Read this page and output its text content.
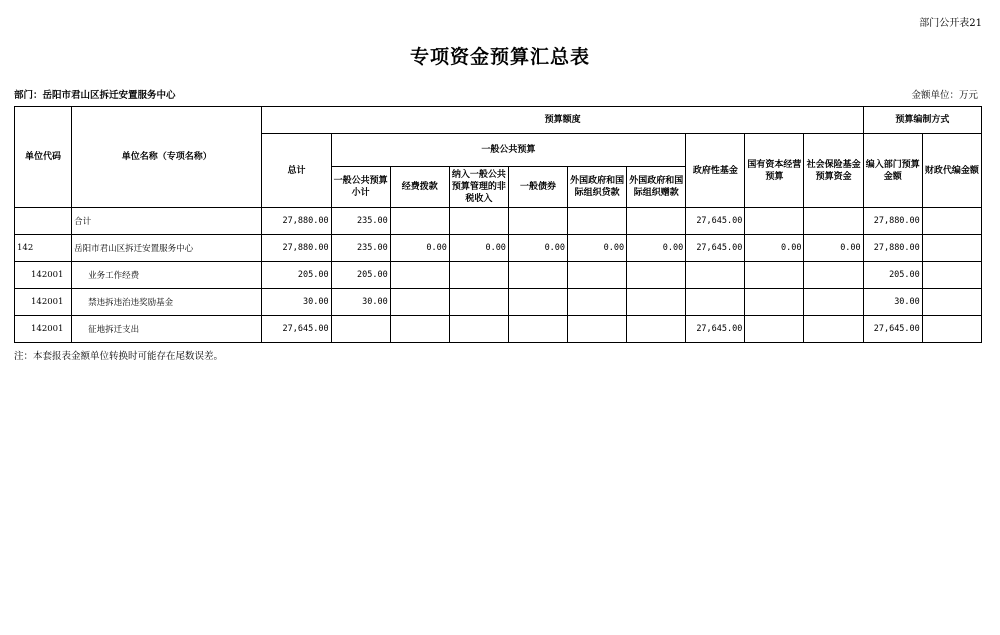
部门公开表21
专项资金预算汇总表
部门：岳阳市君山区拆迁安置服务中心	金额单位：万元
单位代码	单位名称（专项名称）	预算额度										预算编制方式	
		总计	一般公共预算						政府性基金	国有资本经营预算	社会保险基金预算资金	编入部门预算金额	财政代编金额
			一般公共预算小计	经费拨款	纳入一般公共预算管理的非税收入	一般债券	外国政府和国际组织贷款	外国政府和国际组织赠款					
	合计	27,880.00	235.00						27,645.00			27,880.00	
142	岳阳市君山区拆迁安置服务中心	27,880.00	235.00	0.00	0.00	0.00	0.00	0.00	27,645.00	0.00	0.00	27,880.00	
142001	业务工作经费	205.00	205.00									205.00	
142001	禁违拆违治违奖励基金	30.00	30.00									30.00	
142001	征地拆迁支出	27,645.00							27,645.00			27,645.00	
注：本套报表金额单位转换时可能存在尾数误差。
